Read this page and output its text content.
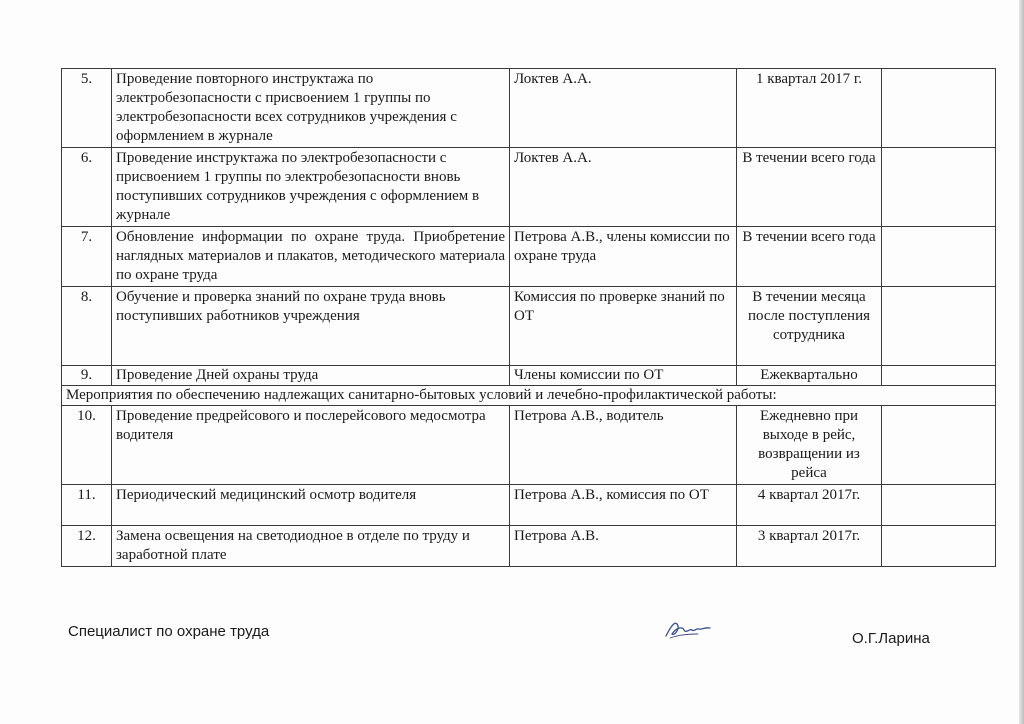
5.	Проведение повторного инструктажа по электробезопасности с присвоением 1 группы по электробезопасности всех сотрудников учреждения с оформлением в журнале	Локтев А.А.	1 квартал 2017 г.	
6.	Проведение инструктажа по электробезопасности с присвоением 1 группы по электробезопасности вновь поступивших сотрудников учреждения с оформлением в журнале	Локтев А.А.	В течении всего года	
7.	Обновление информации по охране труда. Приобретение наглядных материалов и плакатов, методического материала по охране труда	Петрова А.В., члены комиссии по охране труда	В течении всего года	
8.	Обучение и проверка знаний по охране труда вновь поступивших работников учреждения	Комиссия по проверке знаний по ОТ	В течении месяца после поступления сотрудника	
9.	Проведение Дней охраны труда	Члены комиссии по ОТ	Ежеквартально	
Мероприятия по обеспечению надлежащих санитарно-бытовых условий и лечебно-профилактической работы:				
10.	Проведение предрейсового и послерейсового медосмотра водителя	Петрова А.В., водитель	Ежедневно при выходе в рейс, возвращении из рейса	
11.	Периодический медицинский осмотр водителя	Петрова А.В., комиссия по ОТ	4 квартал 2017г.	
12.	Замена освещения на светодиодное в отделе по труду и заработной плате	Петрова А.В.	3 квартал 2017г.	
Специалист по охране труда	О.Г.Ларина
